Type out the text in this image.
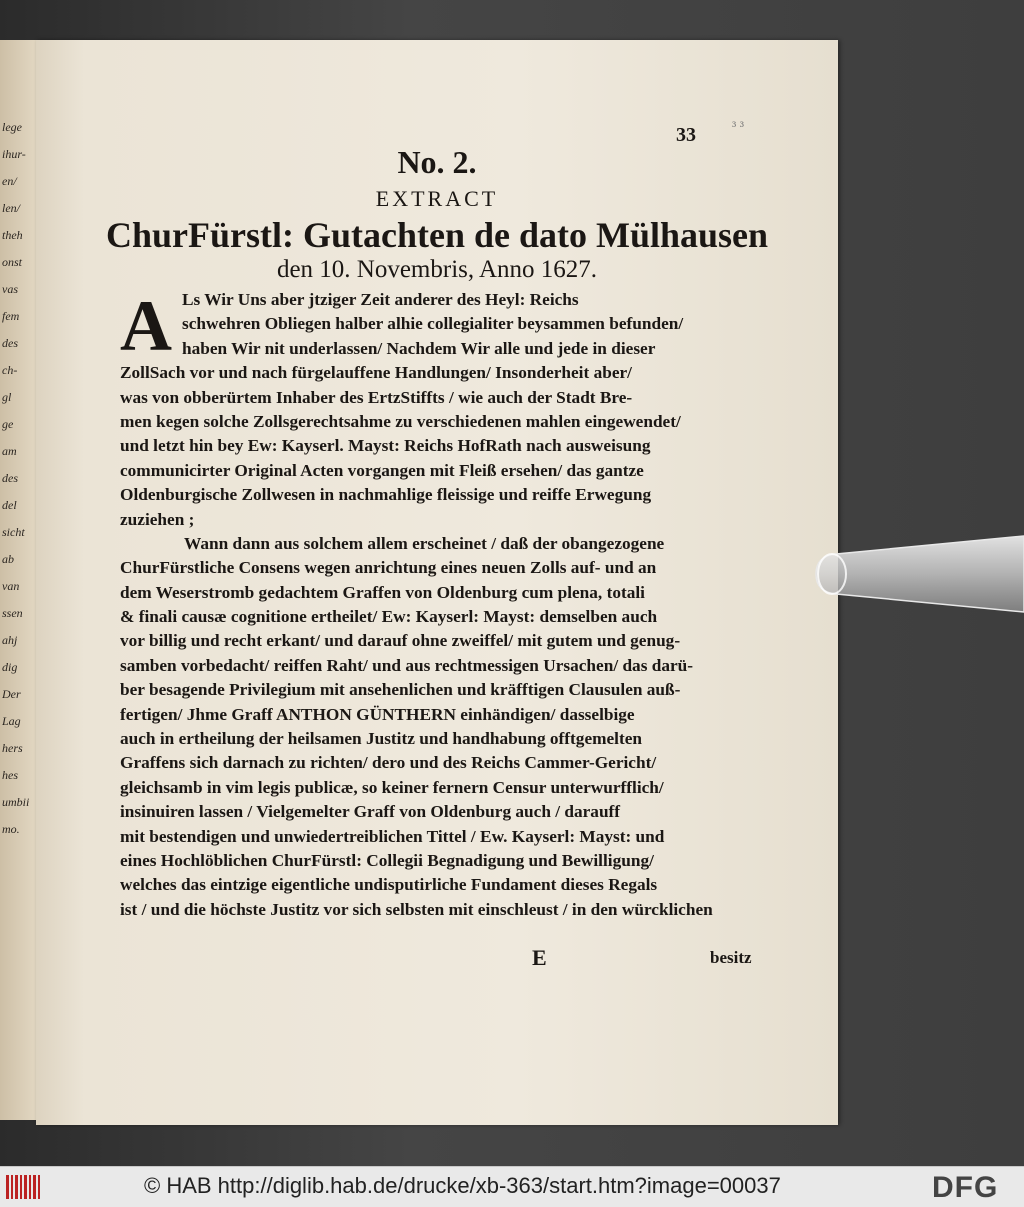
lege
ihur-
en/
len/
theh
onst
vas
fem
des
ch-
gl
ge
am
des
del
sicht
ab
van
ssen
ahj
dig
Der
Lag
hers
hes
umbii
mo.
33	³ ³
No. 2.
EXTRACT
ChurFürstl: Gutachten de dato Mülhausen
den 10. Novembris, Anno 1627.
A Ls Wir Uns aber jtziger Zeit anderer des Heyl: Reichs
schwehren Obliegen halber alhie collegialiter beysammen befunden/
haben Wir nit underlassen/ Nachdem Wir alle und jede in dieser
ZollSach vor und nach fürgelauffene Handlungen/ Insonderheit aber/
was von obberürtem Inhaber des ErtzStiffts / wie auch der Stadt Bre-
men kegen solche Zollsgerechtsahme zu verschiedenen mahlen eingewendet/
und letzt hin bey Ew: Kayserl. Mayst: Reichs HofRath nach ausweisung
communicirter Original Acten vorgangen mit Fleiß ersehen/ das gantze
Oldenburgische Zollwesen in nachmahlige fleissige und reiffe Erwegung
zuziehen ;
Wann dann aus solchem allem erscheinet / daß der obangezogene
ChurFürstliche Consens wegen anrichtung eines neuen Zolls auf- und an
dem Weserstromb gedachtem Graffen von Oldenburg cum plena, totali
& finali causæ cognitione ertheilet/ Ew: Kayserl: Mayst: demselben auch
vor billig und recht erkant/ und darauf ohne zweiffel/ mit gutem und genug-
samben vorbedacht/ reiffen Raht/ und aus rechtmessigen Ursachen/ das darü-
ber besagende Privilegium mit ansehenlichen und kräfftigen Clausulen auß-
fertigen/ Jhme Graff ANTHON GÜNTHERN einhändigen/ dasselbige
auch in ertheilung der heilsamen Justitz und handhabung offtgemelten
Graffens sich darnach zu richten/ dero und des Reichs Cammer-Gericht/
gleichsamb in vim legis publicæ, so keiner fernern Censur unterwurfflich/
insinuiren lassen / Vielgemelter Graff von Oldenburg auch / darauff
mit bestendigen und unwiedertreiblichen Tittel / Ew. Kayserl: Mayst: und
eines Hochlöblichen ChurFürstl: Collegii Begnadigung und Bewilligung/
welches das eintzige eigentliche undisputirliche Fundament dieses Regals
ist / und die höchste Justitz vor sich selbsten mit einschleust / in den würcklichen
E	besitz
© HAB http://diglib.hab.de/drucke/xb-363/start.htm?image=00037	DFG
